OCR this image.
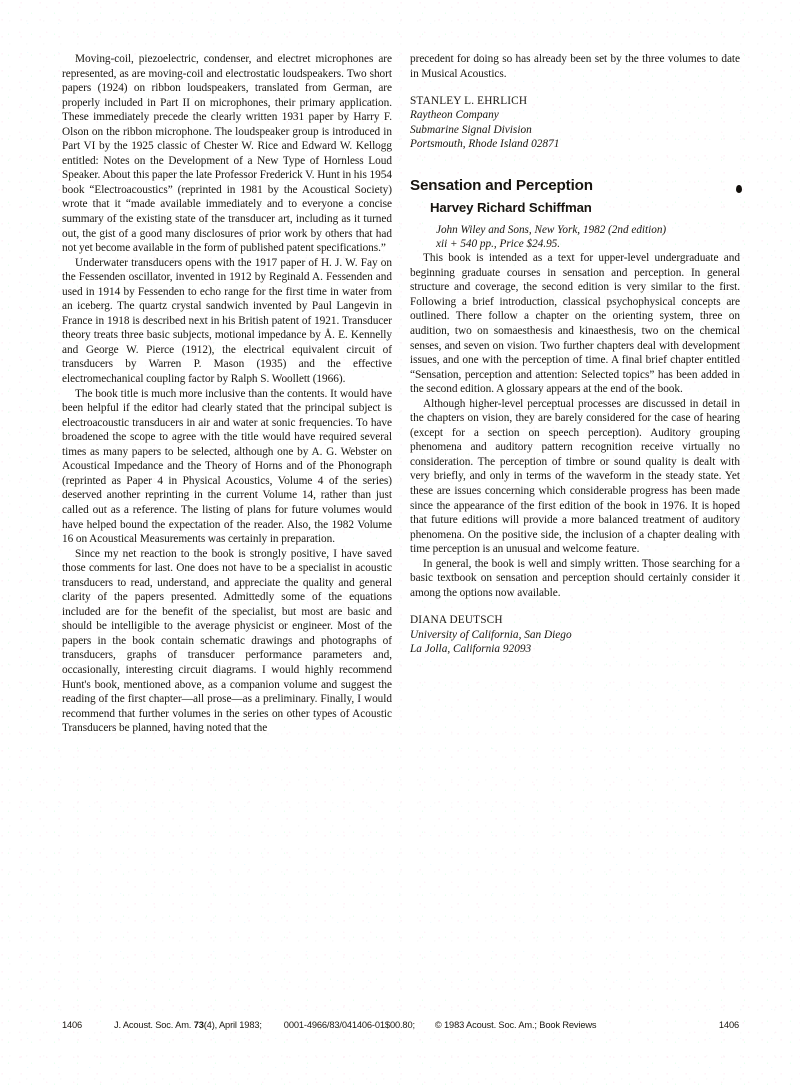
Moving-coil, piezoelectric, condenser, and electret microphones are represented, as are moving-coil and electrostatic loudspeakers. Two short papers (1924) on ribbon loudspeakers, translated from German, are properly included in Part II on microphones, their primary application. These immediately precede the clearly written 1931 paper by Harry F. Olson on the ribbon microphone. The loudspeaker group is introduced in Part VI by the 1925 classic of Chester W. Rice and Edward W. Kellogg entitled: Notes on the Development of a New Type of Hornless Loud Speaker. About this paper the late Professor Frederick V. Hunt in his 1954 book “Electroacoustics” (reprinted in 1981 by the Acoustical Society) wrote that it “made available immediately and to everyone a concise summary of the existing state of the transducer art, including as it turned out, the gist of a good many disclosures of prior work by others that had not yet become available in the form of published patent specifications.”

Underwater transducers opens with the 1917 paper of H. J. W. Fay on the Fessenden oscillator, invented in 1912 by Reginald A. Fessenden and used in 1914 by Fessenden to echo range for the first time in water from an iceberg. The quartz crystal sandwich invented by Paul Langevin in France in 1918 is described next in his British patent of 1921. Transducer theory treats three basic subjects, motional impedance by Å. E. Kennelly and George W. Pierce (1912), the electrical equivalent circuit of transducers by Warren P. Mason (1935) and the effective electromechanical coupling factor by Ralph S. Woollett (1966).

The book title is much more inclusive than the contents. It would have been helpful if the editor had clearly stated that the principal subject is electroacoustic transducers in air and water at sonic frequencies. To have broadened the scope to agree with the title would have required several times as many papers to be selected, although one by A. G. Webster on Acoustical Impedance and the Theory of Horns and of the Phonograph (reprinted as Paper 4 in Physical Acoustics, Volume 4 of the series) deserved another reprinting in the current Volume 14, rather than just called out as a reference. The listing of plans for future volumes would have helped bound the expectation of the reader. Also, the 1982 Volume 16 on Acoustical Measurements was certainly in preparation.

Since my net reaction to the book is strongly positive, I have saved those comments for last. One does not have to be a specialist in acoustic transducers to read, understand, and appreciate the quality and general clarity of the papers presented. Admittedly some of the equations included are for the benefit of the specialist, but most are basic and should be intelligible to the average physicist or engineer. Most of the papers in the book contain schematic drawings and photographs of transducers, graphs of transducer performance parameters and, occasionally, interesting circuit diagrams. I would highly recommend Hunt's book, mentioned above, as a companion volume and suggest the reading of the first chapter—all prose—as a preliminary. Finally, I would recommend that further volumes in the series on other types of Acoustic Transducers be planned, having noted that the

precedent for doing so has already been set by the three volumes to date in Musical Acoustics.

STANLEY L. EHRLICH
Raytheon Company
Submarine Signal Division
Portsmouth, Rhode Island 02871
Sensation and Perception
Harvey Richard Schiffman
John Wiley and Sons, New York, 1982 (2nd edition)
xii + 540 pp., Price $24.95.

This book is intended as a text for upper-level undergraduate and beginning graduate courses in sensation and perception. In general structure and coverage, the second edition is very similar to the first. Following a brief introduction, classical psychophysical concepts are outlined. There follow a chapter on the orienting system, three on audition, two on somaesthesis and kinaesthesis, two on the chemical senses, and seven on vision. Two further chapters deal with development issues, and one with the perception of time. A final brief chapter entitled “Sensation, perception and attention: Selected topics” has been added in the second edition. A glossary appears at the end of the book.

Although higher-level perceptual processes are discussed in detail in the chapters on vision, they are barely considered for the case of hearing (except for a section on speech perception). Auditory grouping phenomena and auditory pattern recognition receive virtually no consideration. The perception of timbre or sound quality is dealt with very briefly, and only in terms of the waveform in the steady state. Yet these are issues concerning which considerable progress has been made since the appearance of the first edition of the book in 1976. It is hoped that future editions will provide a more balanced treatment of auditory phenomena. On the positive side, the inclusion of a chapter dealing with time perception is an unusual and welcome feature.

In general, the book is well and simply written. Those searching for a basic textbook on sensation and perception should certainly consider it among the options now available.

DIANA DEUTSCH
University of California, San Diego
La Jolla, California 92093
1406	J. Acoust. Soc. Am. 73(4), April 1983; 0001-4966/83/041406-01$00.80; © 1983 Acoust. Soc. Am.; Book Reviews	1406
